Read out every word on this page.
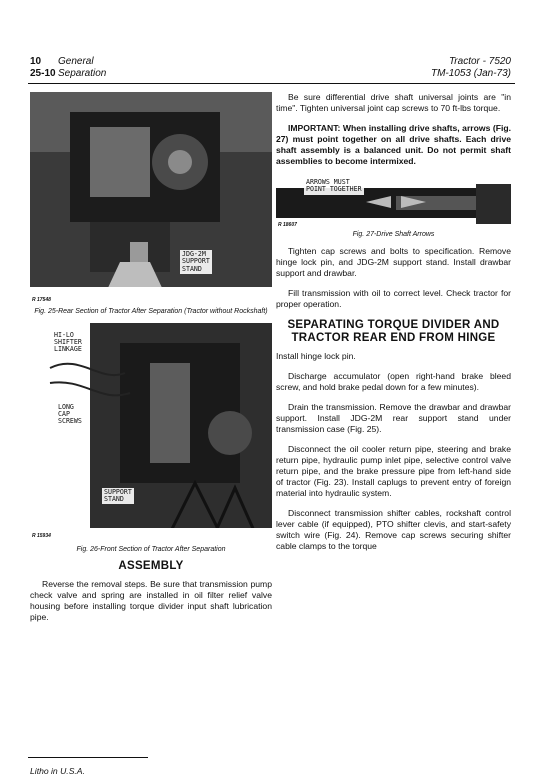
10 General
25-10 Separation
Tractor - 7520
TM-1053 (Jan-73)
JDG-2M
SUPPORT
STAND
R 17548
Fig. 25-Rear Section of Tractor After Separation (Tractor without Rockshaft)
HI-LO
SHIFTER
LINKAGE
LONG
CAP
SCREWS
SUPPORT
STAND
R 15934
Fig. 26-Front Section of Tractor After Separation
ASSEMBLY

Reverse the removal steps. Be sure that transmission pump check valve and spring are installed in oil filter relief valve housing before installing torque divider input shaft lubrication pipe.

Be sure differential drive shaft universal joints are "in time". Tighten universal joint cap screws to 70 ft-lbs torque.

IMPORTANT: When installing drive shafts, arrows (Fig. 27) must point together on all drive shafts. Each drive shaft assembly is a balanced unit. Do not permit shaft assemblies to become intermixed.

ARROWS MUST
POINT TOGETHER
R 18607
Fig. 27-Drive Shaft Arrows

Tighten cap screws and bolts to specification. Remove hinge lock pin, and JDG-2M support stand. Install drawbar support and drawbar.

Fill transmission with oil to correct level. Check tractor for proper operation.

SEPARATING TORQUE DIVIDER AND TRACTOR REAR END FROM HINGE

Install hinge lock pin.

Discharge accumulator (open right-hand brake bleed screw, and hold brake pedal down for a few minutes).

Drain the transmission. Remove the drawbar and drawbar support. Install JDG-2M rear support stand under transmission case (Fig. 25).

Disconnect the oil cooler return pipe, steering and brake return pipe, hydraulic pump inlet pipe, selective control valve return pipe, and the brake pressure pipe from left-hand side of tractor (Fig. 23). Install caplugs to prevent entry of foreign material into hydraulic system.

Disconnect transmission shifter cables, rockshaft control lever cable (if equipped), PTO shifter clevis, and start-safety switch wire (Fig. 24). Remove cap screws securing shifter cable clamps to the torque

Litho in U.S.A.
